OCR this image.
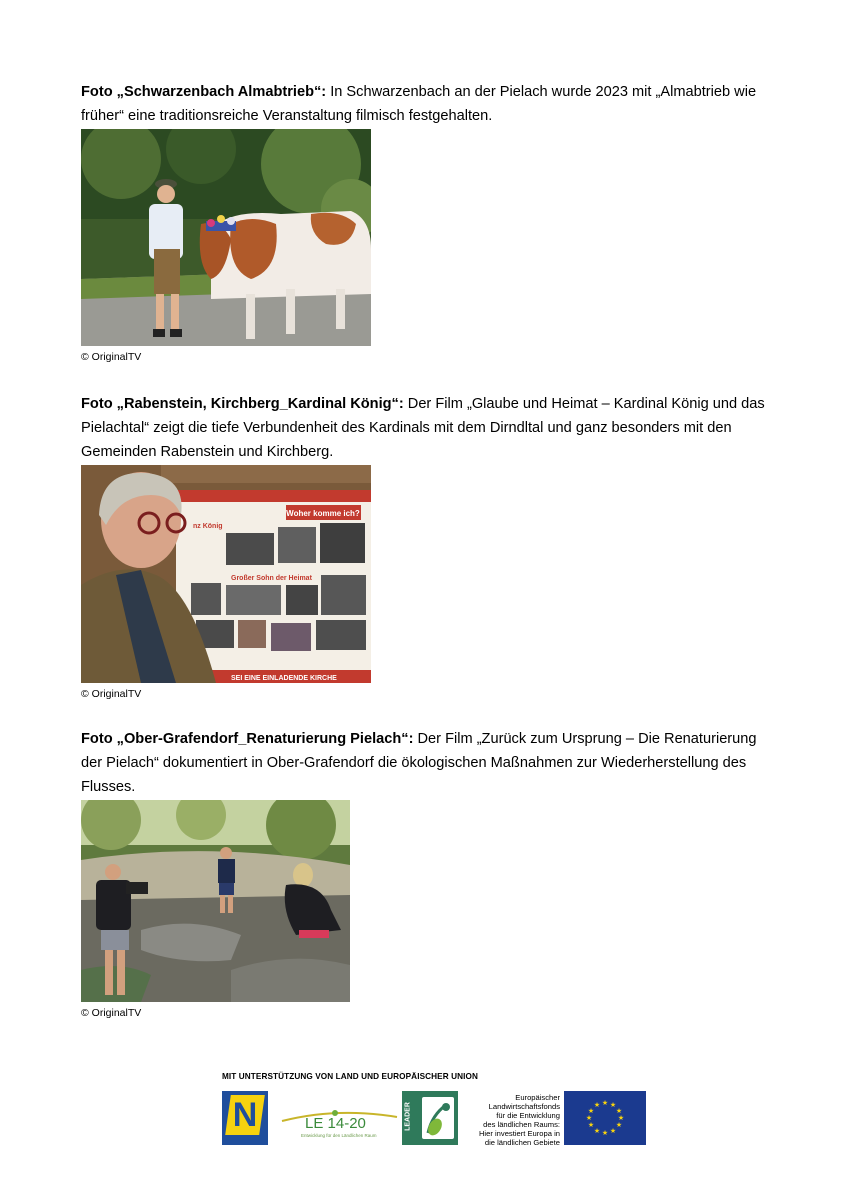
Foto „Schwarzenbach Almabtrieb“: In Schwarzenbach an der Pielach wurde 2023 mit „Almabtrieb wie früher“ eine traditionsreiche Veranstaltung filmisch festgehalten.

© OriginalTV

Foto „Rabenstein, Kirchberg_Kardinal König“: Der Film „Glaube und Heimat – Kardinal König und das Pielachtal“ zeigt die tiefe Verbundenheit des Kardinals mit dem Dirndltal und ganz besonders mit den Gemeinden Rabenstein und Kirchberg.

Woher komme ich?
nz König
Großer Sohn der Heimat
SEI EINE EINLADENDE KIRCHE
© OriginalTV

Foto „Ober-Grafendorf_Renaturierung Pielach“: Der Film „Zurück zum Ursprung – Die Renaturierung der Pielach“ dokumentiert in Ober-Grafendorf die ökologischen Maßnahmen zur Wiederherstellung des Flusses.

© OriginalTV
MIT UNTERSTÜTZUNG VON LAND UND EUROPÄISCHER UNION
N	LE 14-20
Entwicklung für den Ländlichen Raum
LEADER
Europäischer
Landwirtschaftsfonds
für die Entwicklung
des ländlichen Raums:
Hier investiert Europa in
die ländlichen Gebiete
★ ★
★
★
★
★
★
★
★
★
★
★
